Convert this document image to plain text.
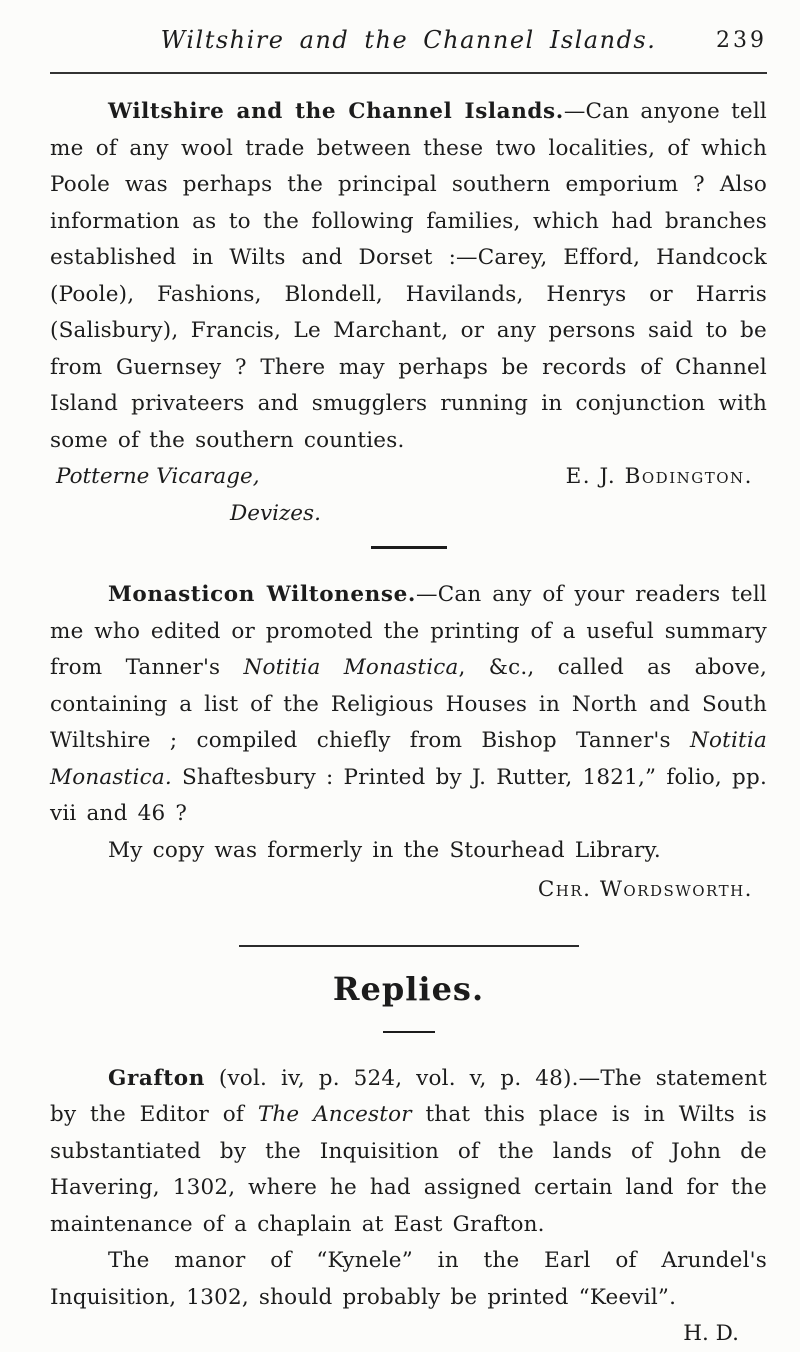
Wiltshire and the Channel Islands.	239

Wiltshire and the Channel Islands.—Can anyone tell me of any wool trade between these two localities, of which Poole was perhaps the principal southern emporium ? Also information as to the following families, which had branches established in Wilts and Dorset :—Carey, Efford, Handcock (Poole), Fashions, Blondell, Havilands, Henrys or Harris (Salisbury), Francis, Le Marchant, or any persons said to be from Guernsey ? There may perhaps be records of Channel Island privateers and smugglers running in conjunction with some of the southern counties.

Potterne Vicarage,	E. J. Bodington.
Devizes.

Monasticon Wiltonense.—Can any of your readers tell me who edited or promoted the printing of a useful summary from Tanner's Notitia Monastica, &c., called as above, containing a list of the Religious Houses in North and South Wiltshire ; compiled chiefly from Bishop Tanner's Notitia Monastica. Shaftesbury : Printed by J. Rutter, 1821,” folio, pp. vii and 46 ?

My copy was formerly in the Stourhead Library.

Chr. Wordsworth.
Replies.

Grafton (vol. iv, p. 524, vol. v, p. 48).—The statement by the Editor of The Ancestor that this place is in Wilts is substantiated by the Inquisition of the lands of John de Havering, 1302, where he had assigned certain land for the maintenance of a chaplain at East Grafton.

The manor of “Kynele” in the Earl of Arundel's Inquisition, 1302, should probably be printed “Keevil”.

H. D.
